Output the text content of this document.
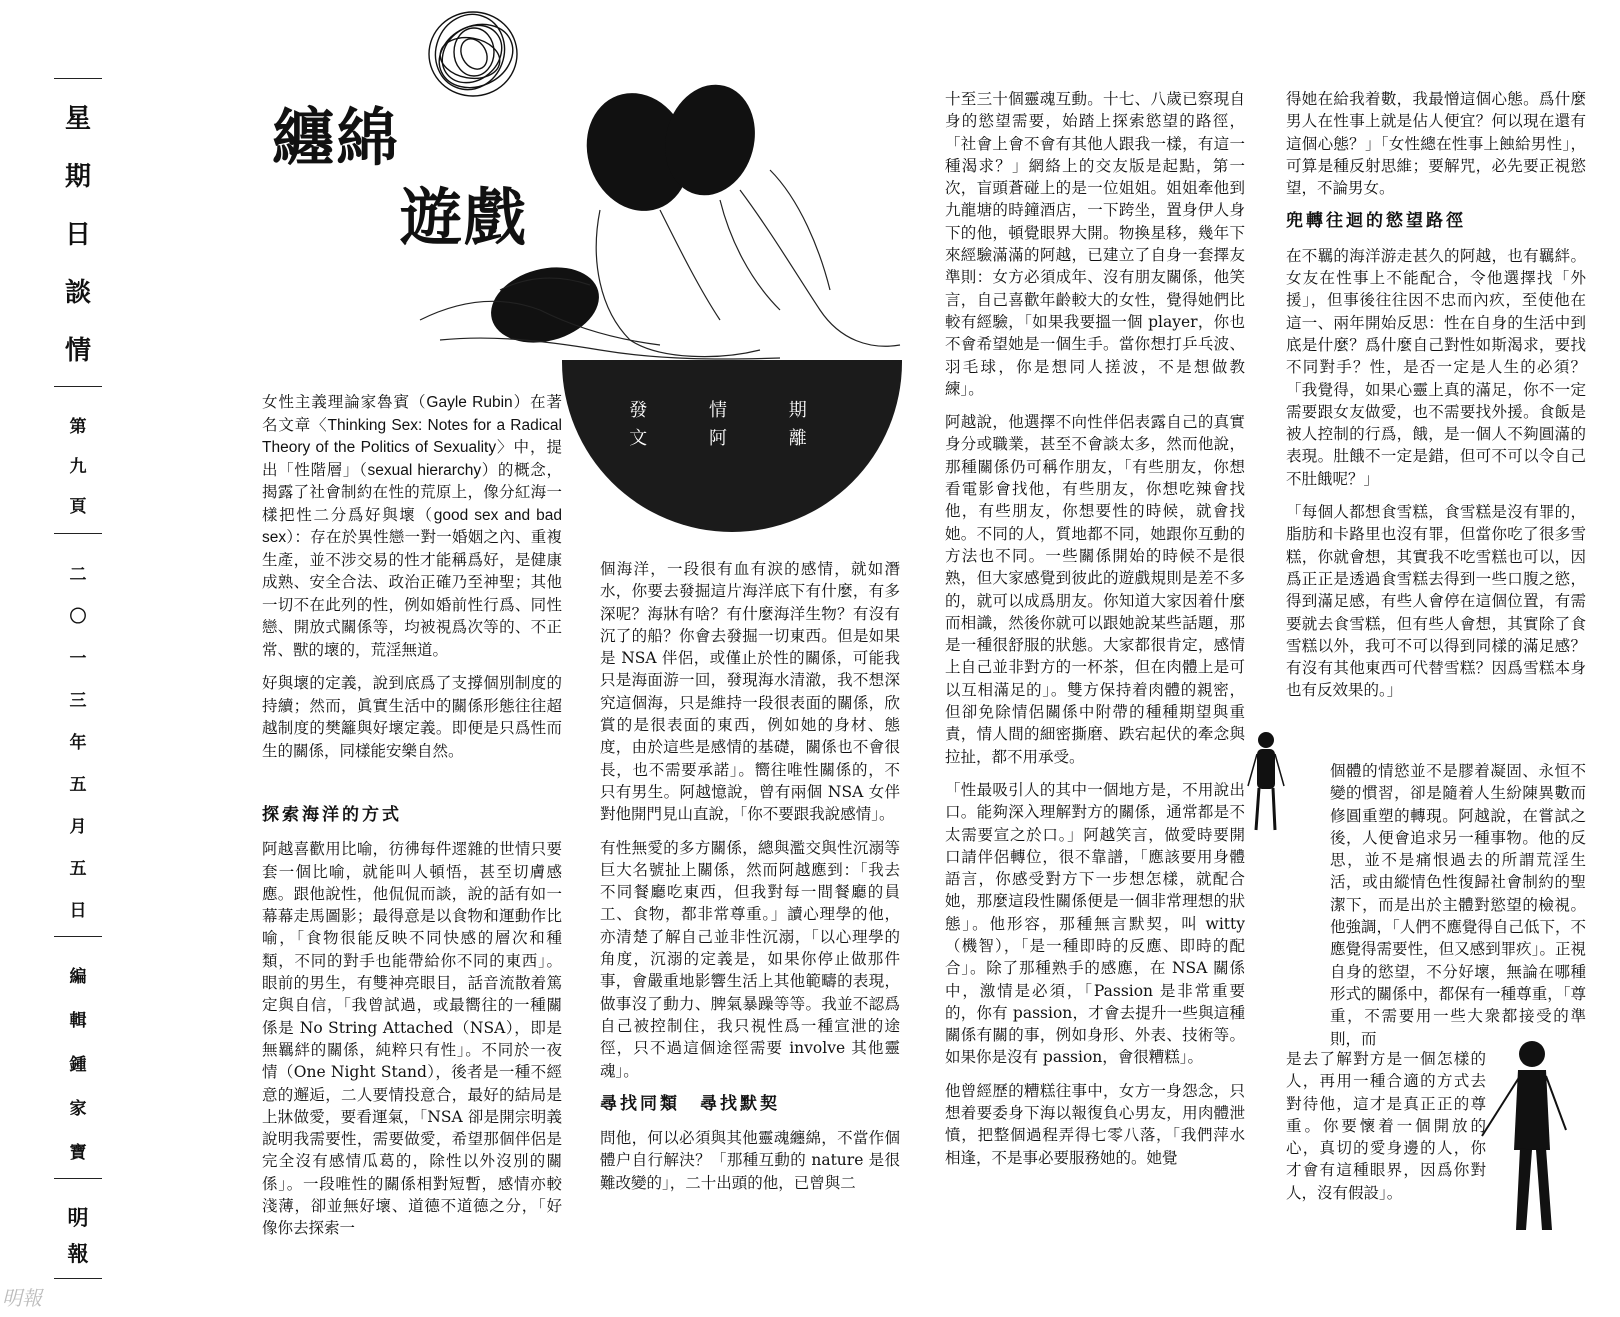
星
期
日
談
情
第
九
頁
二
〇
一
三
年
五
月
五
日
編
輯
鍾
家
寶
明
報
明報
纏綿
遊戲
發 情 期
文 阿 離

女性主義理論家魯賓（Gayle Rubin）在著名文章〈Thinking Sex: Notes for a Radical Theory of the Politics of Sexuality〉中，提出「性階層」（sexual hierarchy）的概念，揭露了社會制約在性的荒原上，像分紅海一樣把性二分爲好與壞（good sex and bad sex）：存在於異性戀一對一婚姻之內、重複生產，並不涉交易的性才能稱爲好，是健康成熟、安全合法、政治正確乃至神聖；其他一切不在此列的性，例如婚前性行爲、同性戀、開放式關係等，均被視爲次等的、不正常、獸的壞的，荒淫無道。

好與壞的定義，說到底爲了支撐個別制度的持續；然而，眞實生活中的關係形態往往超越制度的樊籬與好壞定義。即便是只爲性而生的關係，同樣能安樂自然。

探索海洋的方式

阿越喜歡用比喻，彷彿每件遝雜的世情只要套一個比喻，就能叫人頓悟，甚至切膚感應。跟他說性，他侃侃而談，說的話有如一幕幕走馬圖影；最得意是以食物和運動作比喻，「食物很能反映不同快感的層次和種類，不同的對手也能帶給你不同的東西」。眼前的男生，有雙神亮眼目，話音流散着篤定與自信，「我曾試過，或最嚮往的一種關係是 No String Attached（NSA），即是無羈絆的關係，純粹只有性」。不同於一夜情（One Night Stand），後者是一種不經意的邂逅，二人要情投意合，最好的結局是上牀做愛，要看運氣，「NSA 卻是開宗明義說明我需要性，需要做愛，希望那個伴侶是完全沒有感情瓜葛的，除性以外沒別的關係」。一段唯性的關係相對短暫，感情亦較淺薄，卻並無好壞、道德不道德之分，「好像你去探索一

個海洋，一段很有血有淚的感情，就如潛水，你要去發掘這片海洋底下有什麼，有多深呢？海牀有啥？有什麼海洋生物？有沒有沉了的船？你會去發掘一切東西。但是如果是 NSA 伴侶，或僅止於性的關係，可能我只是海面游一回，發現海水清澈，我不想深究這個海，只是維持一段很表面的關係，欣賞的是很表面的東西，例如她的身材、態度，由於這些是感情的基礎，關係也不會很長，也不需要承諾」。嚮往唯性關係的，不只有男生。阿越憶說，曾有兩個 NSA 女伴對他開門見山直說，「你不要跟我說感情」。

有性無愛的多方關係，總與濫交與性沉溺等巨大名號扯上關係，然而阿越應到：「我去不同餐廳吃東西，但我對每一間餐廳的員工、食物，都非常尊重。」讀心理學的他，亦清楚了解自己並非性沉溺，「以心理學的角度，沉溺的定義是，如果你停止做那件事，會嚴重地影響生活上其他範疇的表現，做事沒了動力、脾氣暴躁等等。我並不認爲自己被控制住，我只視性爲一種宣泄的途徑，只不過這個途徑需要 involve 其他靈魂」。

尋找同類　尋找默契

問他，何以必須與其他靈魂纏綿，不當作個體户自行解決？「那種互動的 nature 是很難改變的」，二十出頭的他，已曾與二

十至三十個靈魂互動。十七、八歲已察現自身的慾望需要，始踏上探索慾望的路徑，「社會上會不會有其他人跟我一樣，有這一種渴求？」網絡上的交友版是起點，第一次，盲頭蒼碰上的是一位姐姐。姐姐牽他到九龍塘的時鐘酒店，一下跨坐，置身伊人身下的他，頓覺眼界大開。物換星移，幾年下來經驗滿滿的阿越，已建立了自身一套擇友準則：女方必須成年、沒有朋友關係，他笑言，自己喜歡年齡較大的女性，覺得她們比較有經驗，「如果我要搵一個 player，你也不會希望她是一個生手。當你想打乒乓波、羽毛球，你是想同人搓波，不是想做教練」。

阿越說，他選擇不向性伴侶表露自己的真實身分或職業，甚至不會談太多，然而他說，那種關係仍可稱作朋友，「有些朋友，你想看電影會找他，有些朋友，你想吃辣會找他，有些朋友，你想要性的時候，就會找她。不同的人，質地都不同，她跟你互動的方法也不同。一些關係開始的時候不是很熟，但大家感覺到彼此的遊戲規則是差不多的，就可以成爲朋友。你知道大家因着什麼而相識，然後你就可以跟她說某些話題，那是一種很舒服的狀態。大家都很肯定，感情上自己並非對方的一杯茶，但在肉體上是可以互相滿足的」。雙方保持着肉體的親密，但卻免除情侶關係中附帶的種種期望與重責，情人間的細密撕磨、跌宕起伏的牽念與拉扯，都不用承受。

「性最吸引人的其中一個地方是，不用說出口。能夠深入理解對方的關係，通常都是不太需要宣之於口。」阿越笑言，做愛時要開口請伴侶轉位，很不靠譜，「應該要用身體語言，你感受對方下一步想怎樣，就配合她，那麼這段性關係便是一個非常理想的狀態」。他形容，那種無言默契，叫 witty（機智），「是一種即時的反應、即時的配合」。除了那種熟手的感應，在 NSA 關係中，激情是必須，「Passion 是非常重要的，你有 passion，才會去提升一些與這種關係有關的事，例如身形、外表、技術等。如果你是沒有 passion，會很糟糕」。

他曾經歷的糟糕往事中，女方一身怨念，只想着要委身下海以報復負心男友，用肉體泄憤，把整個過程弄得七零八落，「我們萍水相逢，不是事必要服務她的。她覺

得她在給我着數，我最憎這個心態。爲什麼男人在性事上就是佔人便宜？何以現在還有這個心態？」「女性總在性事上蝕給男性」，可算是種反射思維；要解咒，必先要正視慾望，不論男女。

兜轉往迴的慾望路徑

在不羈的海洋游走甚久的阿越，也有羈絆。女友在性事上不能配合，令他選擇找「外援」，但事後往往因不忠而內疚，至使他在這一、兩年開始反思：性在自身的生活中到底是什麼？爲什麼自己對性如斯渴求，要找不同對手？性，是否一定是人生的必須？「我覺得，如果心靈上真的滿足，你不一定需要跟女友做愛，也不需要找外援。食飯是被人控制的行爲，餓，是一個人不夠圓滿的表現。肚餓不一定是錯，但可不可以令自己不肚餓呢？」

「每個人都想食雪糕，食雪糕是沒有罪的，脂肪和卡路里也沒有罪，但當你吃了很多雪糕，你就會想，其實我不吃雪糕也可以，因爲正正是透過食雪糕去得到一些口腹之慾，得到滿足感，有些人會停在這個位置，有需要就去食雪糕，但有些人會想，其實除了食雪糕以外，我可不可以得到同樣的滿足感？有沒有其他東西可代替雪糕？因爲雪糕本身也有反效果的。」

個體的情慾並不是膠着凝固、永恒不變的慣習，卻是隨着人生紛陳異數而修圓重塑的轉現。阿越說，在嘗試之後，人便會追求另一種事物。他的反思，並不是痛恨過去的所謂荒淫生活，或由縱情色性復歸社會制約的聖潔下，而是出於主體對慾望的檢視。他強調，「人們不應覺得自己低下，不應覺得需要性，但又感到罪疚」。正視自身的慾望，不分好壞，無論在哪種形式的關係中，都保有一種尊重，「尊重，不需要用一些大衆都接受的準則，而

是去了解對方是一個怎樣的人，再用一種合適的方式去對待他，這才是真正正的尊重。你要懷着一個開放的心，真切的愛身邊的人，你才會有這種眼界，因爲你對人，沒有假設」。
